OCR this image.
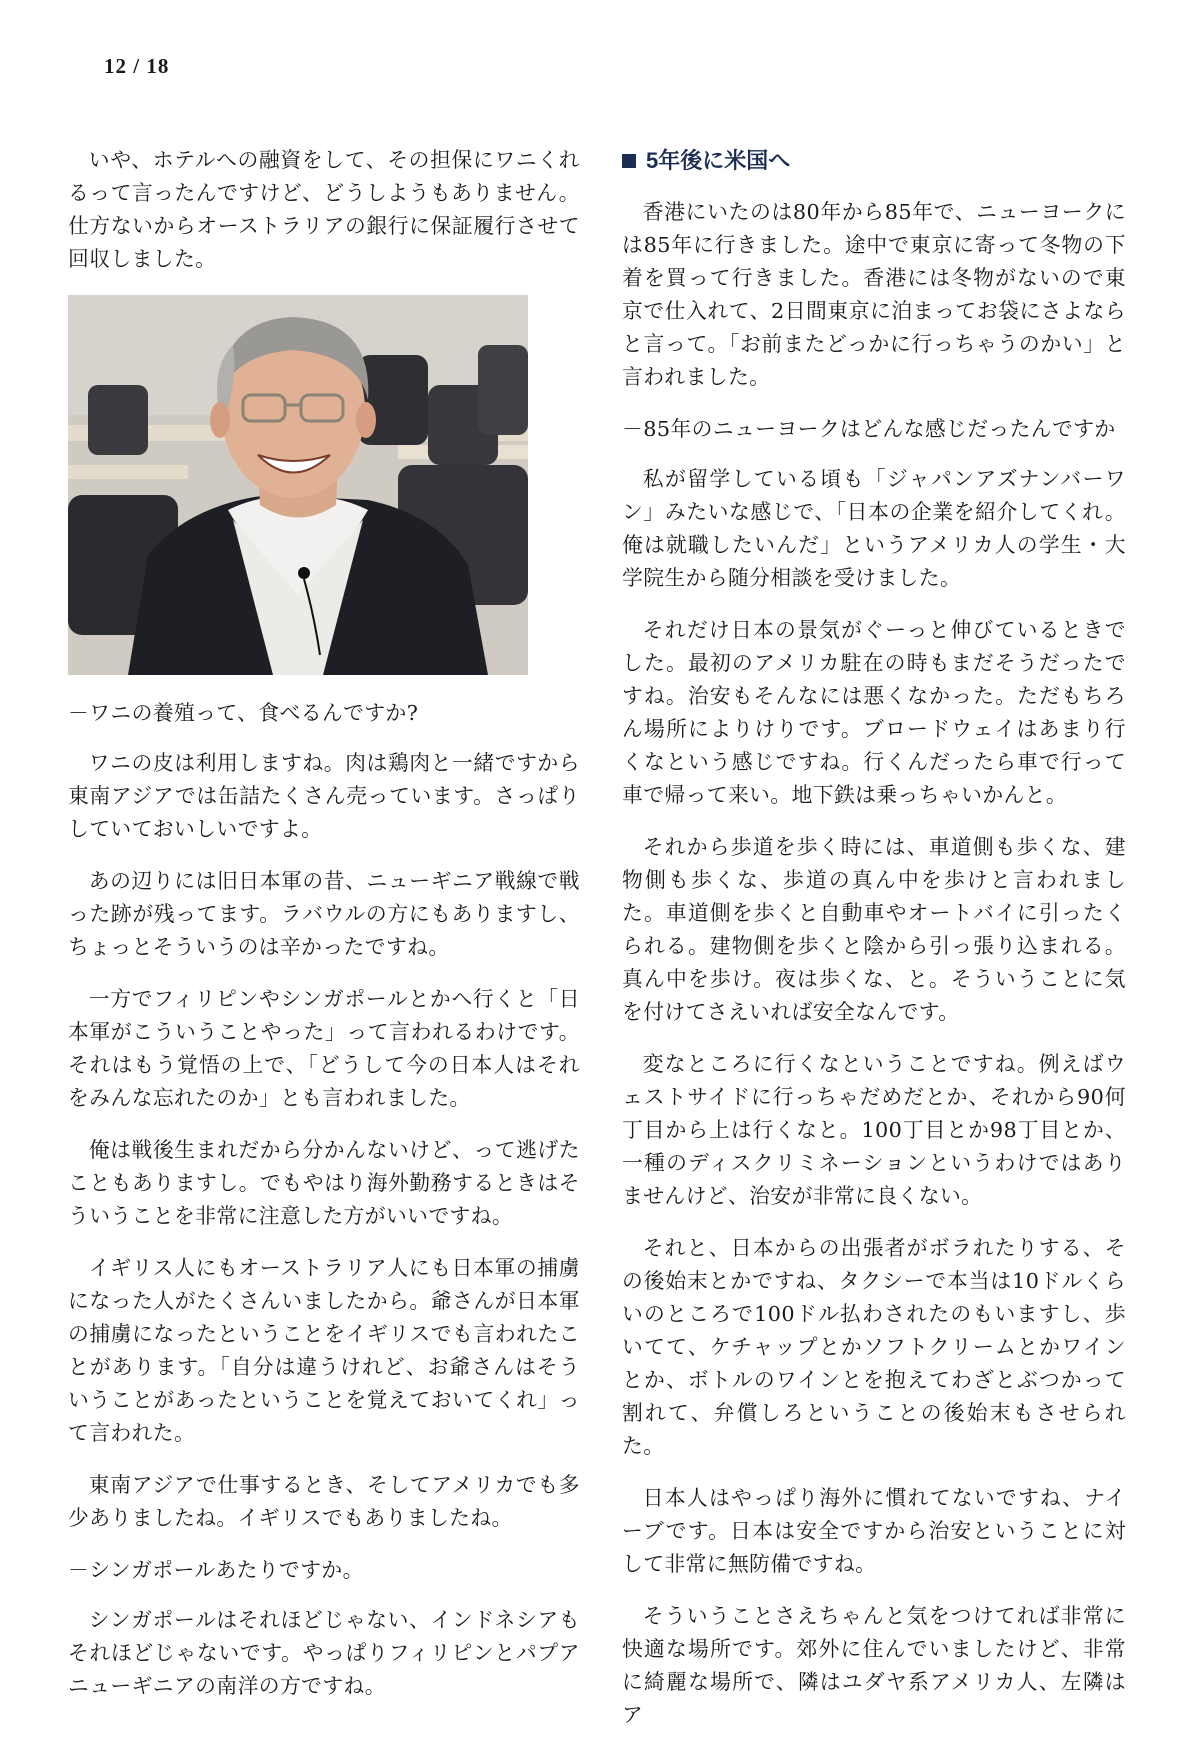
12 / 18

いや、ホテルへの融資をして、その担保にワニくれるって言ったんですけど、どうしようもありません。仕方ないからオーストラリアの銀行に保証履行させて回収しました。

－ワニの養殖って、食べるんですか?

ワニの皮は利用しますね。肉は鶏肉と一緒ですから東南アジアでは缶詰たくさん売っています。さっぱりしていておいしいですよ。

あの辺りには旧日本軍の昔、ニューギニア戦線で戦った跡が残ってます。ラバウルの方にもありますし、ちょっとそういうのは辛かったですね。

一方でフィリピンやシンガポールとかへ行くと「日本軍がこういうことやった」って言われるわけです。それはもう覚悟の上で、「どうして今の日本人はそれをみんな忘れたのか」とも言われました。

俺は戦後生まれだから分かんないけど、って逃げたこともありますし。でもやはり海外勤務するときはそういうことを非常に注意した方がいいですね。

イギリス人にもオーストラリア人にも日本軍の捕虜になった人がたくさんいましたから。爺さんが日本軍の捕虜になったということをイギリスでも言われたことがあります。「自分は違うけれど、お爺さんはそういうことがあったということを覚えておいてくれ」って言われた。

東南アジアで仕事するとき、そしてアメリカでも多少ありましたね。イギリスでもありましたね。

－シンガポールあたりですか。

シンガポールはそれほどじゃない、インドネシアもそれほどじゃないです。やっぱりフィリピンとパプアニューギニアの南洋の方ですね。

5年後に米国へ

香港にいたのは80年から85年で、ニューヨークには85年に行きました。途中で東京に寄って冬物の下着を買って行きました。香港には冬物がないので東京で仕入れて、2日間東京に泊まってお袋にさよならと言って。「お前またどっかに行っちゃうのかい」と言われました。

－85年のニューヨークはどんな感じだったんですか

私が留学している頃も「ジャパンアズナンバーワン」みたいな感じで、「日本の企業を紹介してくれ。俺は就職したいんだ」というアメリカ人の学生・大学院生から随分相談を受けました。

それだけ日本の景気がぐーっと伸びているときでした。最初のアメリカ駐在の時もまだそうだったですね。治安もそんなには悪くなかった。ただもちろん場所によりけりです。ブロードウェイはあまり行くなという感じですね。行くんだったら車で行って車で帰って来い。地下鉄は乗っちゃいかんと。

それから歩道を歩く時には、車道側も歩くな、建物側も歩くな、歩道の真ん中を歩けと言われました。車道側を歩くと自動車やオートバイに引ったくられる。建物側を歩くと陰から引っ張り込まれる。真ん中を歩け。夜は歩くな、と。そういうことに気を付けてさえいれば安全なんです。

変なところに行くなということですね。例えばウェストサイドに行っちゃだめだとか、それから90何丁目から上は行くなと。100丁目とか98丁目とか、一種のディスクリミネーションというわけではありませんけど、治安が非常に良くない。

それと、日本からの出張者がボラれたりする、その後始末とかですね、タクシーで本当は10ドルくらいのところで100ドル払わされたのもいますし、歩いてて、ケチャップとかソフトクリームとかワインとか、ボトルのワインとを抱えてわざとぶつかって割れて、弁償しろということの後始末もさせられた。

日本人はやっぱり海外に慣れてないですね、ナイーブです。日本は安全ですから治安ということに対して非常に無防備ですね。

そういうことさえちゃんと気をつけてれば非常に快適な場所です。郊外に住んでいましたけど、非常に綺麗な場所で、隣はユダヤ系アメリカ人、左隣はア
